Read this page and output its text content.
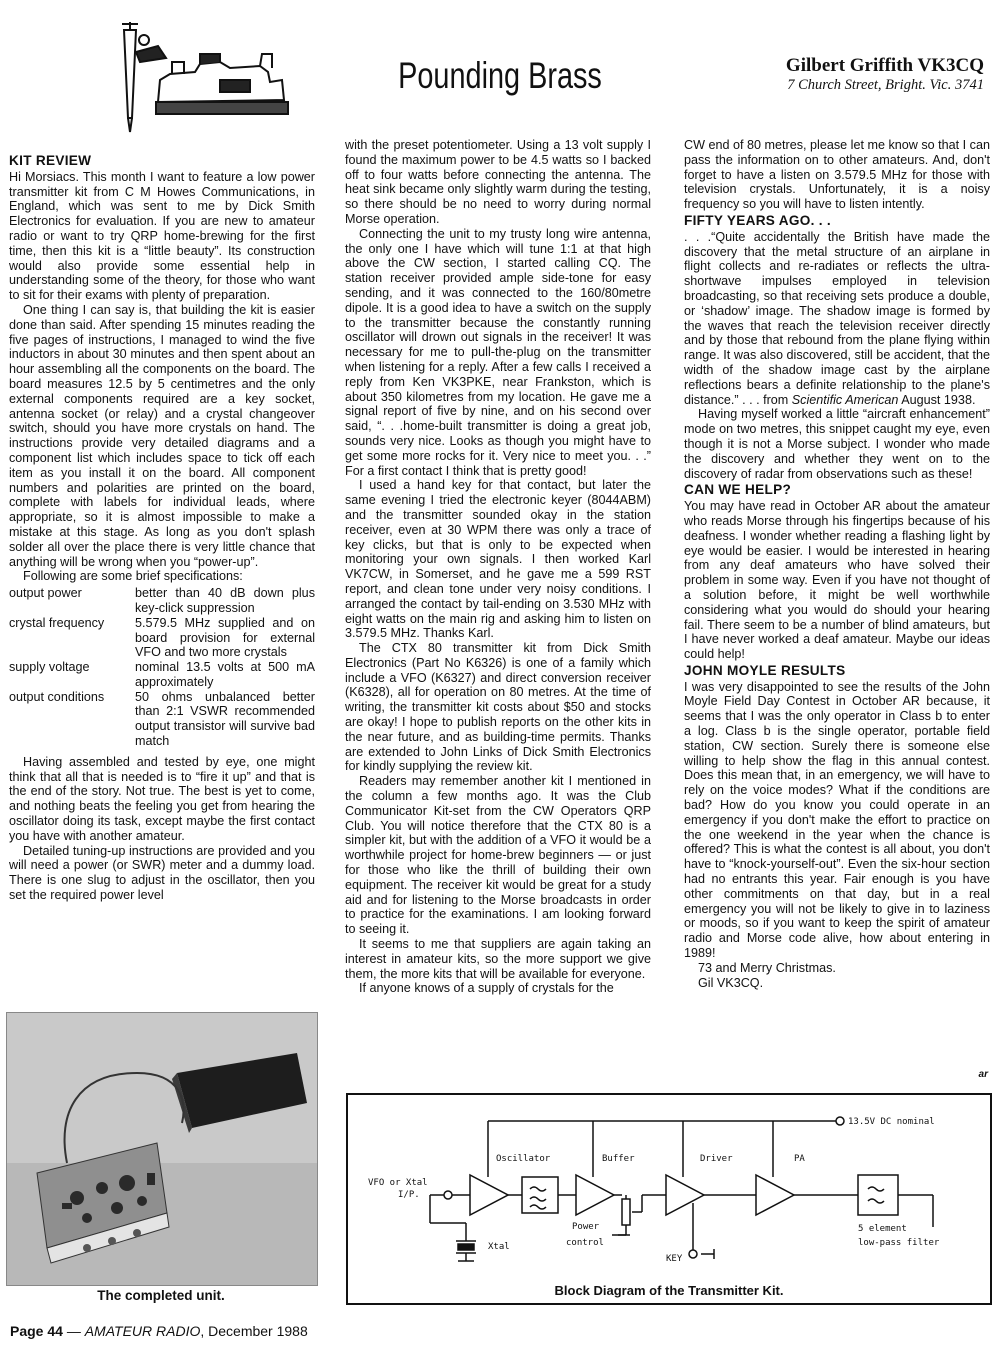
Pounding Brass	Gilbert Griffith VK3CQ
7 Church Street, Bright. Vic. 3741
KIT REVIEW

Hi Morsiacs. This month I want to feature a low power transmitter kit from C M Howes Communications, in England, which was sent to me by Dick Smith Electronics for evaluation. If you are new to amateur radio or want to try QRP home-brewing for the first time, then this kit is a “little beauty”. Its construction would also provide some essential help in understanding some of the theory, for those who want to sit for their exams with plenty of preparation.

One thing I can say is, that building the kit is easier done than said. After spending 15 minutes reading the five pages of instructions, I managed to wind the five inductors in about 30 minutes and then spent about an hour assembling all the components on the board. The board measures 12.5 by 5 centimetres and the only external components required are a key socket, antenna socket (or relay) and a crystal changeover switch, should you have more crystals on hand. The instructions provide very detailed diagrams and a component list which includes space to tick off each item as you install it on the board. All component numbers and polarities are printed on the board, complete with labels for individual leads, where appropriate, so it is almost impossible to make a mistake at this stage. As long as you don't splash solder all over the place there is very little chance that anything will be wrong when you “power-up”.

Following are some brief specifications:

output power	better than 40 dB down plus key-click suppression
crystal frequency	5.579.5 MHz supplied and on board provision for external VFO and two more crystals
supply voltage	nominal 13.5 volts at 500 mA approximately
output conditions	50 ohms unbalanced better than 2:1 VSWR recommended output transistor will survive bad match

Having assembled and tested by eye, one might think that all that is needed is to “fire it up” and that is the end of the story. Not true. The best is yet to come, and nothing beats the feeling you get from hearing the oscillator doing its task, except maybe the first contact you have with another amateur.

Detailed tuning-up instructions are provided and you will need a power (or SWR) meter and a dummy load. There is one slug to adjust in the oscillator, then you set the required power level

with the preset potentiometer. Using a 13 volt supply I found the maximum power to be 4.5 watts so I backed off to four watts before connecting the antenna. The heat sink became only slightly warm during the testing, so there should be no need to worry during normal Morse operation.

Connecting the unit to my trusty long wire antenna, the only one I have which will tune 1:1 at that high above the CW section, I started calling CQ. The station receiver provided ample side-tone for easy sending, and it was connected to the 160/80metre dipole. It is a good idea to have a switch on the supply to the transmitter because the constantly running oscillator will drown out signals in the receiver! It was necessary for me to pull-the-plug on the transmitter when listening for a reply. After a few calls I received a reply from Ken VK3PKE, near Frankston, which is about 350 kilometres from my location. He gave me a signal report of five by nine, and on his second over said, “. . .home-built transmitter is doing a great job, sounds very nice. Looks as though you might have to get some more rocks for it. Very nice to meet you. . .” For a first contact I think that is pretty good!

I used a hand key for that contact, but later the same evening I tried the electronic keyer (8044ABM) and the transmitter sounded okay in the station receiver, even at 30 WPM there was only a trace of key clicks, but that is only to be expected when monitoring your own signals. I then worked Karl VK7CW, in Somerset, and he gave me a 599 RST report, and clean tone under very noisy conditions. I arranged the contact by tail-ending on 3.530 MHz with eight watts on the main rig and asking him to listen on 3.579.5 MHz. Thanks Karl.

The CTX 80 transmitter kit from Dick Smith Electronics (Part No K6326) is one of a family which include a VFO (K6327) and direct conversion receiver (K6328), all for operation on 80 metres. At the time of writing, the transmitter kit costs about $50 and stocks are okay! I hope to publish reports on the other kits in the near future, and as building-time permits. Thanks are extended to John Links of Dick Smith Electronics for kindly supplying the review kit.

Readers may remember another kit I mentioned in the column a few months ago. It was the Club Communicator Kit-set from the CW Operators QRP Club. You will notice therefore that the CTX 80 is a simpler kit, but with the addition of a VFO it would be a worthwhile project for home-brew beginners — or just for those who like the thrill of building their own equipment. The receiver kit would be great for a study aid and for listening to the Morse broadcasts in order to practice for the examinations. I am looking forward to seeing it.

It seems to me that suppliers are again taking an interest in amateur kits, so the more support we give them, the more kits that will be available for everyone.

If anyone knows of a supply of crystals for the

CW end of 80 metres, please let me know so that I can pass the information on to other amateurs. And, don't forget to have a listen on 3.579.5 MHz for those with television crystals. Unfortunately, it is a noisy frequency so you will have to listen intently.

FIFTY YEARS AGO. . .

. . .“Quite accidentally the British have made the discovery that the metal structure of an airplane in flight collects and re-radiates or reflects the ultra-shortwave impulses employed in television broadcasting, so that receiving sets produce a double, or ‘shadow’ image. The shadow image is formed by the waves that reach the television receiver directly and by those that rebound from the plane flying within range. It was also discovered, still be accident, that the width of the shadow image cast by the airplane reflections bears a definite relationship to the plane's distance.” . . . from Scientific American August 1938.

Having myself worked a little “aircraft enhancement” mode on two metres, this snippet caught my eye, even though it is not a Morse subject. I wonder who made the discovery and whether they went on to the discovery of radar from observations such as these!

CAN WE HELP?

You may have read in October AR about the amateur who reads Morse through his fingertips because of his deafness. I wonder whether reading a flashing light by eye would be easier. I would be interested in hearing from any deaf amateurs who have solved their problem in some way. Even if you have not thought of a solution before, it might be well worthwhile considering what you would do should your hearing fail. There seem to be a number of blind amateurs, but I have never worked a deaf amateur. Maybe our ideas could help!

JOHN MOYLE RESULTS

I was very disappointed to see the results of the John Moyle Field Day Contest in October AR because, it seems that I was the only operator in Class b to enter a log. Class b is the single operator, portable field station, CW section. Surely there is someone else willing to help show the flag in this annual contest. Does this mean that, in an emergency, we will have to rely on the voice modes? What if the conditions are bad? How do you know you could operate in an emergency if you don't make the effort to practice on the one weekend in the year when the chance is offered? This is what the contest is all about, you don't have to “knock-yourself-out”. Even the six-hour section had no entrants this year. Fair enough is you have other commitments on that day, but in a real emergency you will not be likely to give in to laziness or moods, so if you want to keep the spirit of amateur radio and Morse code alive, how about entering in 1989!

73 and Merry Christmas.

Gil VK3CQ.

ar
The completed unit.
13.5V DC nominal
VFO or Xtal
I/P.
Oscillator	Buffer	Driver	PA
Power
control
Xtal
KEY
5 element
low-pass filter
Block Diagram of the Transmitter Kit.
Page 44 — AMATEUR RADIO, December 1988
